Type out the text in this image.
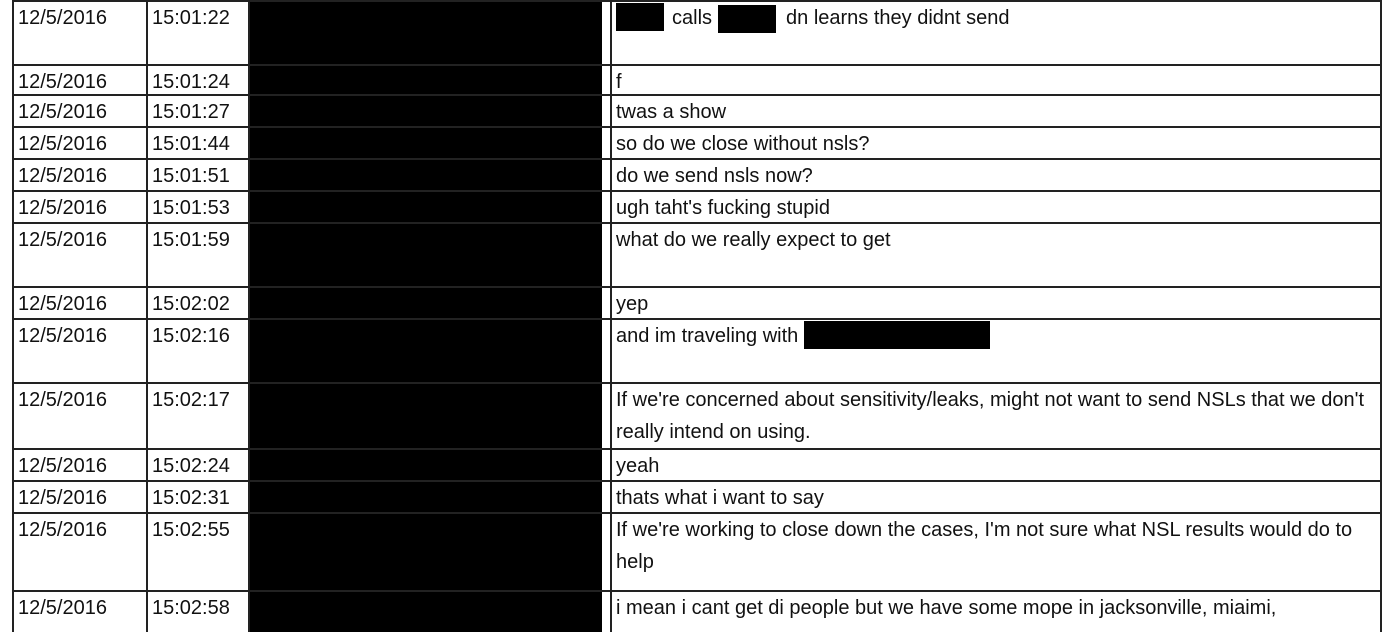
12/5/2016	15:01:22	calls	dn learns they didnt send
12/5/2016	15:01:24	f
12/5/2016	15:01:27	twas a show
12/5/2016	15:01:44	so do we close without nsls?
12/5/2016	15:01:51	do we send nsls now?
12/5/2016	15:01:53	ugh taht's fucking stupid
12/5/2016	15:01:59	what do we really expect to get
12/5/2016	15:02:02	yep
12/5/2016	15:02:16	and im traveling with
12/5/2016	15:02:17	If we're concerned about sensitivity/leaks, might not want to send NSLs that we don't really intend on using.
12/5/2016	15:02:24	yeah
12/5/2016	15:02:31	thats what i want to say
12/5/2016	15:02:55	If we're working to close down the cases, I'm not sure what NSL results would do to help
12/5/2016	15:02:58	i mean i cant get di people but we have some mope in jacksonville, miaimi,
